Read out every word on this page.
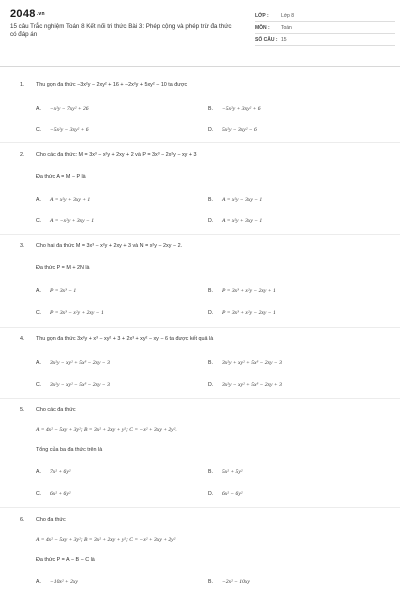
2048.vn
15 câu Trắc nghiệm Toán 8 Kết nối tri thức Bài 3: Phép cộng và phép trừ đa thức có đáp án
LỚP :	Lớp 8
MÔN :	Toán
SỐ CÂU : 15
1. Thu gọn đa thức −3x²y − 2xy² + 16 + −2x²y + 5xy² − 10 ta được
A. −x²y − 7xy² + 26	B. −5x²y + 3xy² + 6
C. −5x²y − 3xy² + 6	D. 5x²y − 3xy² − 6
2. Cho các đa thức: M = 3x³ − x²y + 2xy + 2 và P = 3x³ − 2x²y − xy + 3
Đa thức A = M − P là
A. A = x²y + 3xy + 1	B. A = x²y − 3xy − 1
C. A = −x²y + 3xy − 1	D. A = x²y + 3xy − 1
3. Cho hai đa thức M = 3x³ − x²y + 2xy + 3 và N = x²y − 2xy − 2.
Đa thức P = M + 2N là
A. P = 3x³ − 1	B. P = 3x³ + x²y − 2xy + 1
C. P = 3x³ − x²y + 2xy − 1	D. P = 3x³ + x²y − 2xy − 1
4. Thu gọn đa thức 3x²y + x³ − xy² + 3 + 2x³ + xy² − xy − 6 ta được kết quả là
A. 3x²y − xy² + 5x³ − 2xy − 3	B. 3x²y + xy² + 5x³ − 2xy − 3
C. 3x²y − xy² − 5x³ − 2xy − 3	D. 3x²y − xy² + 5x³ − 2xy + 3
5. Cho các đa thức
A = 4x² − 5xy + 3y²; B = 3x² + 2xy + y²; C = −x² + 3xy + 2y².
Tổng của ba đa thức trên là
A. 7x² + 6y²	B. 5x² + 5y²
C. 6x² + 6y²	D. 6x² − 6y²
6. Cho đa thức
A = 4x² − 5xy + 3y²; B = 3x² + 2xy + y²; C = −x² + 3xy + 2y²
Đa thức P = A − B − C là
A. −10x² + 2xy	B. −2x² − 10xy
